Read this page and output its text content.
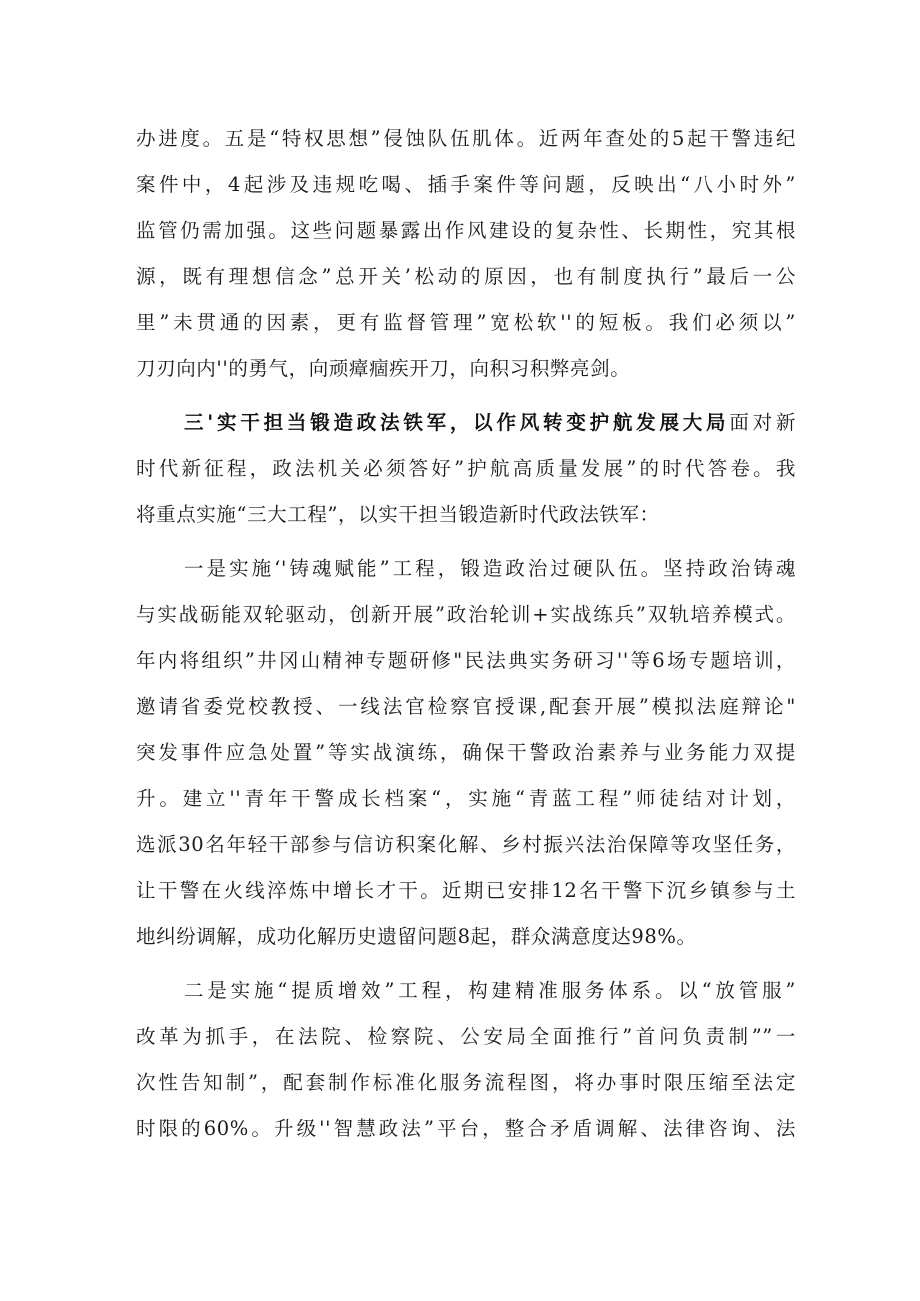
办进度。五是“特权思想”侵蚀队伍肌体。近两年查处的5起干警违纪
案件中，4起涉及违规吃喝、插手案件等问题，反映出“八小时外”
监管仍需加强。这些问题暴露出作风建设的复杂性、长期性，究其根
源，既有理想信念”总开关’松动的原因，也有制度执行”最后一公
里”未贯通的因素，更有监督管理”宽松软''的短板。我们必须以”
刀刃向内''的勇气，向顽瘴痼疾开刀，向积习积弊亮剑。
三'实干担当锻造政法铁军，以作风转变护航发展大局面对新
时代新征程，政法机关必须答好”护航高质量发展”的时代答卷。我
将重点实施“三大工程”，以实干担当锻造新时代政法铁军：
一是实施‘'铸魂赋能”工程，锻造政治过硬队伍。坚持政治铸魂
与实战砺能双轮驱动，创新开展”政治轮训+实战练兵”双轨培养模式。
年内将组织”井冈山精神专题研修"民法典实务研习''等6场专题培训，
邀请省委党校教授、一线法官检察官授课,配套开展”模拟法庭辩论"
突发事件应急处置”等实战演练，确保干警政治素养与业务能力双提
升。建立''青年干警成长档案“，实施“青蓝工程”师徒结对计划，
选派30名年轻干部参与信访积案化解、乡村振兴法治保障等攻坚任务，
让干警在火线淬炼中增长才干。近期已安排12名干警下沉乡镇参与土
地纠纷调解，成功化解历史遗留问题8起，群众满意度达98%。
二是实施“提质增效”工程，构建精准服务体系。以“放管服”
改革为抓手，在法院、检察院、公安局全面推行”首问负责制””一
次性告知制”，配套制作标准化服务流程图，将办事时限压缩至法定
时限的60%。升级''智慧政法”平台，整合矛盾调解、法律咨询、法
